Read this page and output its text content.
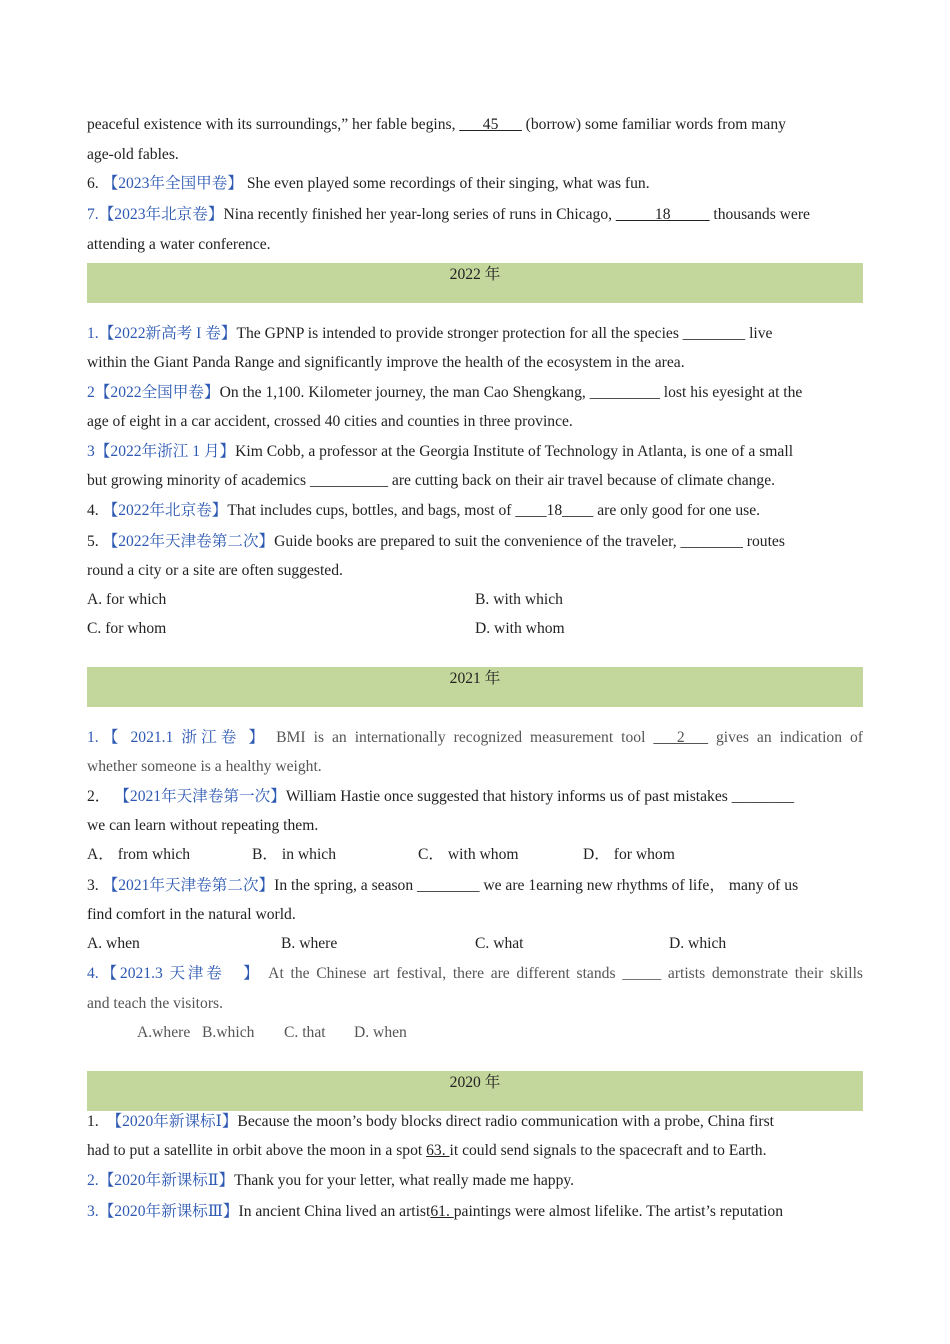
peaceful existence with its surroundings,” her fable begins, ___45___ (borrow) some familiar words from many
age-old fables.
6. 【2023年全国甲卷】 She even played some recordings of their singing, what was fun.
7.【2023年北京卷】Nina recently finished her year-long series of runs in Chicago, _____18_____ thousands were
attending a water conference.
2022 年
1.【2022新高考 I 卷】The GPNP is intended to provide stronger protection for all the species ________ live
within the Giant Panda Range and significantly improve the health of the ecosystem in the area.
2【2022全国甲卷】On the 1,100. Kilometer journey, the man Cao Shengkang, _________ lost his eyesight at the
age of eight in a car accident, crossed 40 cities and counties in three province.
3【2022年浙江 1 月】Kim Cobb, a professor at the Georgia Institute of Technology in Atlanta, is one of a small
but growing minority of academics __________ are cutting back on their air travel because of climate change.
4. 【2022年北京卷】That includes cups, bottles, and bags, most of ____18____ are only good for one use.
5. 【2022年天津卷第二次】Guide books are prepared to suit the convenience of the traveler, ________ routes
round a city or a site are often suggested.
A. for which	B. with which
C. for whom	D. with whom
2021 年
1.【 2021.1 浙江卷 】 BMI is an internationally recognized measurement tool ___2___ gives an indication of
whether someone is a healthy weight.
2． 【2021年天津卷第一次】William Hastie once suggested that history informs us of past mistakes ________
we can learn without repeating them.
A． from which	B． in which	C． with whom	D． for whom
3. 【2021年天津卷第二次】In the spring, a season ________ we are 1earning new rhythms of life， many of us
find comfort in the natural world.
A. when	B. where	C. what	D. which
4.【2021.3 天津卷　】 At the Chinese art festival, there are different stands _____ artists demonstrate their skills
and teach the visitors.
A.where B.which C. that D. when
2020 年
1.　【2020年新课标Ⅰ】Because the moon’s body blocks direct radio communication with a probe, China first
had to put a satellite in orbit above the moon in a spot 63. it could send signals to the spacecraft and to Earth.
2.【2020年新课标Ⅱ】Thank you for your letter, what really made me happy.
3.【2020年新课标Ⅲ】In ancient China lived an artist61. paintings were almost lifelike. The artist’s reputation
